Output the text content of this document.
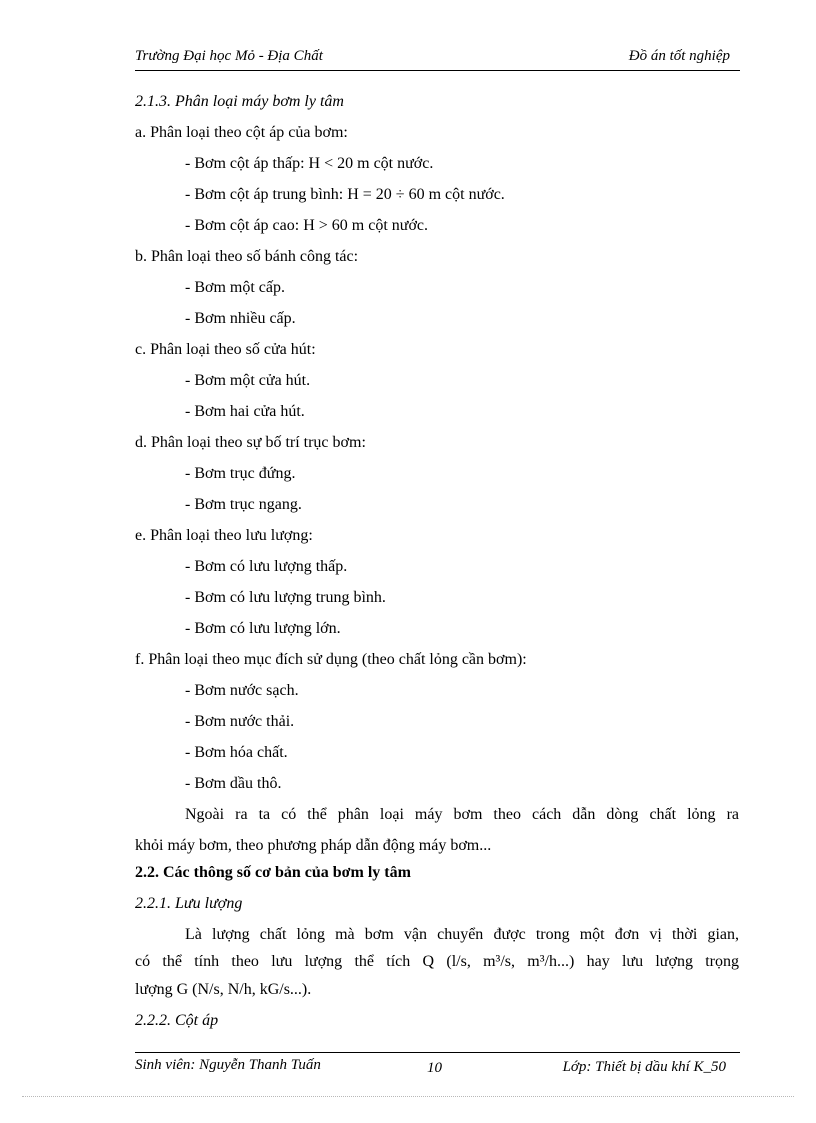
Trường Đại học Mỏ - Địa Chất	Đồ án tốt nghiệp
2.1.3. Phân loại máy bơm ly tâm
a. Phân loại theo cột áp của bơm:
- Bơm cột áp thấp: H < 20 m cột nước.
- Bơm cột áp trung bình: H = 20 ÷ 60 m cột nước.
- Bơm cột áp cao: H > 60 m cột nước.
b. Phân loại theo số bánh công tác:
- Bơm một cấp.
- Bơm nhiều cấp.
c. Phân loại theo số cửa hút:
- Bơm một cửa hút.
- Bơm hai cửa hút.
d. Phân loại theo sự bố trí trục bơm:
- Bơm trục đứng.
- Bơm trục ngang.
e. Phân loại theo lưu lượng:
- Bơm có lưu lượng thấp.
- Bơm có lưu lượng trung bình.
- Bơm có lưu lượng lớn.
f. Phân loại theo mục đích sử dụng (theo chất lỏng cần bơm):
- Bơm nước sạch.
- Bơm nước thải.
- Bơm hóa chất.
- Bơm dầu thô.
Ngoài ra ta có thể phân loại máy bơm theo cách dẫn dòng chất lỏng ra
khỏi máy bơm, theo phương pháp dẫn động máy bơm...
2.2. Các thông số cơ bản của bơm ly tâm
2.2.1. Lưu lượng
Là lượng chất lỏng mà bơm vận chuyển được trong một đơn vị thời gian,
có thể tính theo lưu lượng thể tích Q (l/s, m³/s, m³/h...) hay lưu lượng trọng
lượng G (N/s, N/h, kG/s...).
2.2.2. Cột áp
Sinh viên: Nguyễn Thanh Tuấn	10	Lớp: Thiết bị dầu khí K_50
